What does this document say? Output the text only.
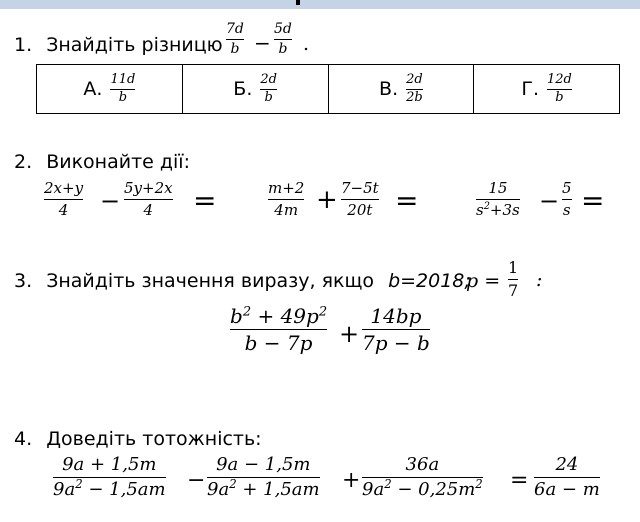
1. Знайдіть різницю
7d
b −
5d
b .
А. 11d
b	Б. 2d
b	В. 2d
2b	Г. 12d
b
2. Виконайте дії:
2x+y
4 − 5y+2x
4 =	m+2
4m + 7−5t
20t =	15
$s^2+3s - 5$
s =
3. Знайдіть значення виразу, якщо b=2018;
p =
1
7 :
$b^2 + 49p^2$
b − 7p +
14bp
7p − b
4. Доведіть тотожність:
9a + 1,5m
$9a^2 - 1,5am$ −
9a − 1,5m
$9a^2 + 1,5am$ +
36a
$9a^2 - 0,25m^2$ =
24
6a − m
